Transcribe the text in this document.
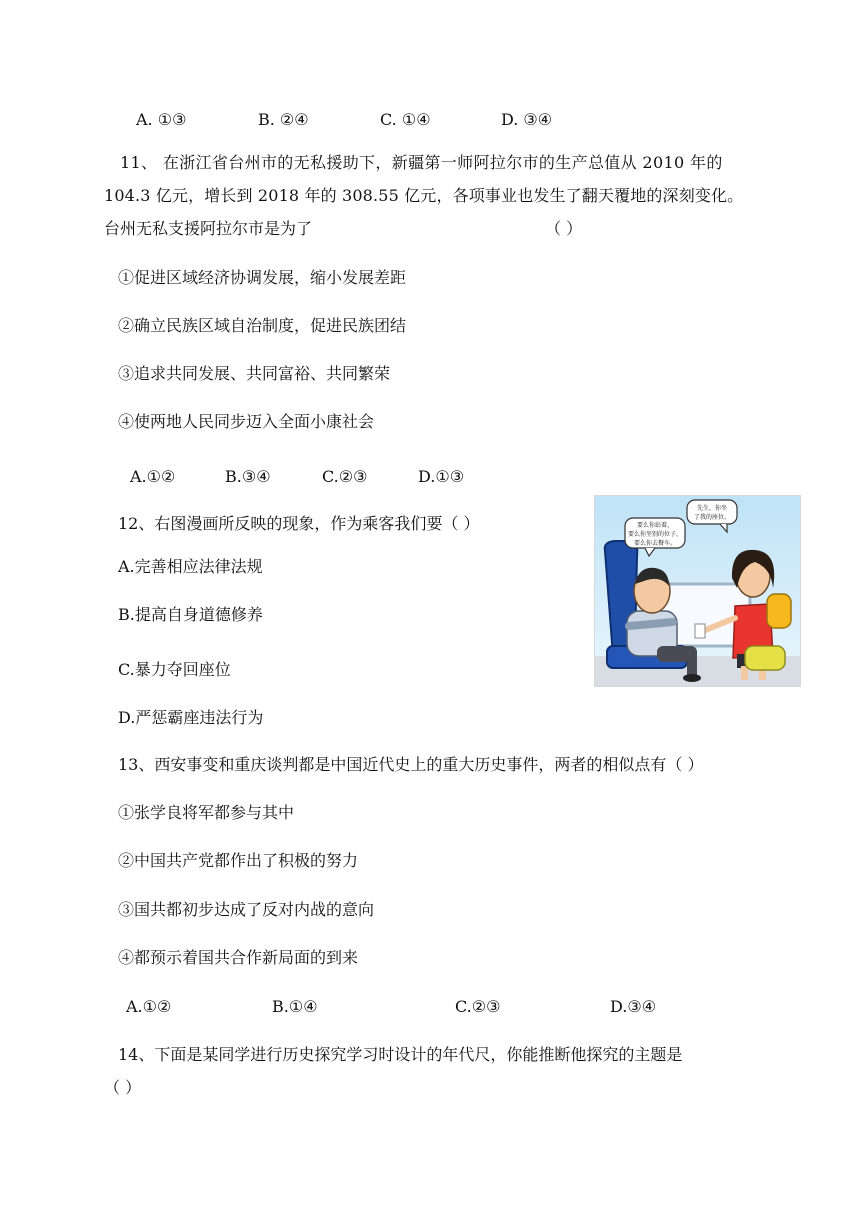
A. ①③	B. ②④	C. ①④	D. ③④
11、 在浙江省台州市的无私援助下，新疆第一师阿拉尔市的生产总值从 2010 年的
104.3 亿元，增长到 2018 年的 308.55 亿元，各项事业也发生了翻天覆地的深刻变化。
台州无私支援阿拉尔市是为了	（ ）
①促进区域经济协调发展，缩小发展差距
②确立民族区域自治制度，促进民族团结
③追求共同发展、共同富裕、共同繁荣
④使两地人民同步迈入全面小康社会
A.①②	B.③④	C.②③	D.①③
12、右图漫画所反映的现象，作为乘客我们要（ ）
A.完善相应法律法规
B.提高自身道德修养
C.暴力夺回座位
D.严惩霸座违法行为
要么你站着，
要么你坐别的位子，
要么你去餐车。
先生，你坐
了我的座位。
13、西安事变和重庆谈判都是中国近代史上的重大历史事件，两者的相似点有（ ）
①张学良将军都参与其中
②中国共产党都作出了积极的努力
③国共都初步达成了反对内战的意向
④都预示着国共合作新局面的到来
A.①②	B.①④	C.②③	D.③④
14、下面是某同学进行历史探究学习时设计的年代尺，你能推断他探究的主题是
（ ）
